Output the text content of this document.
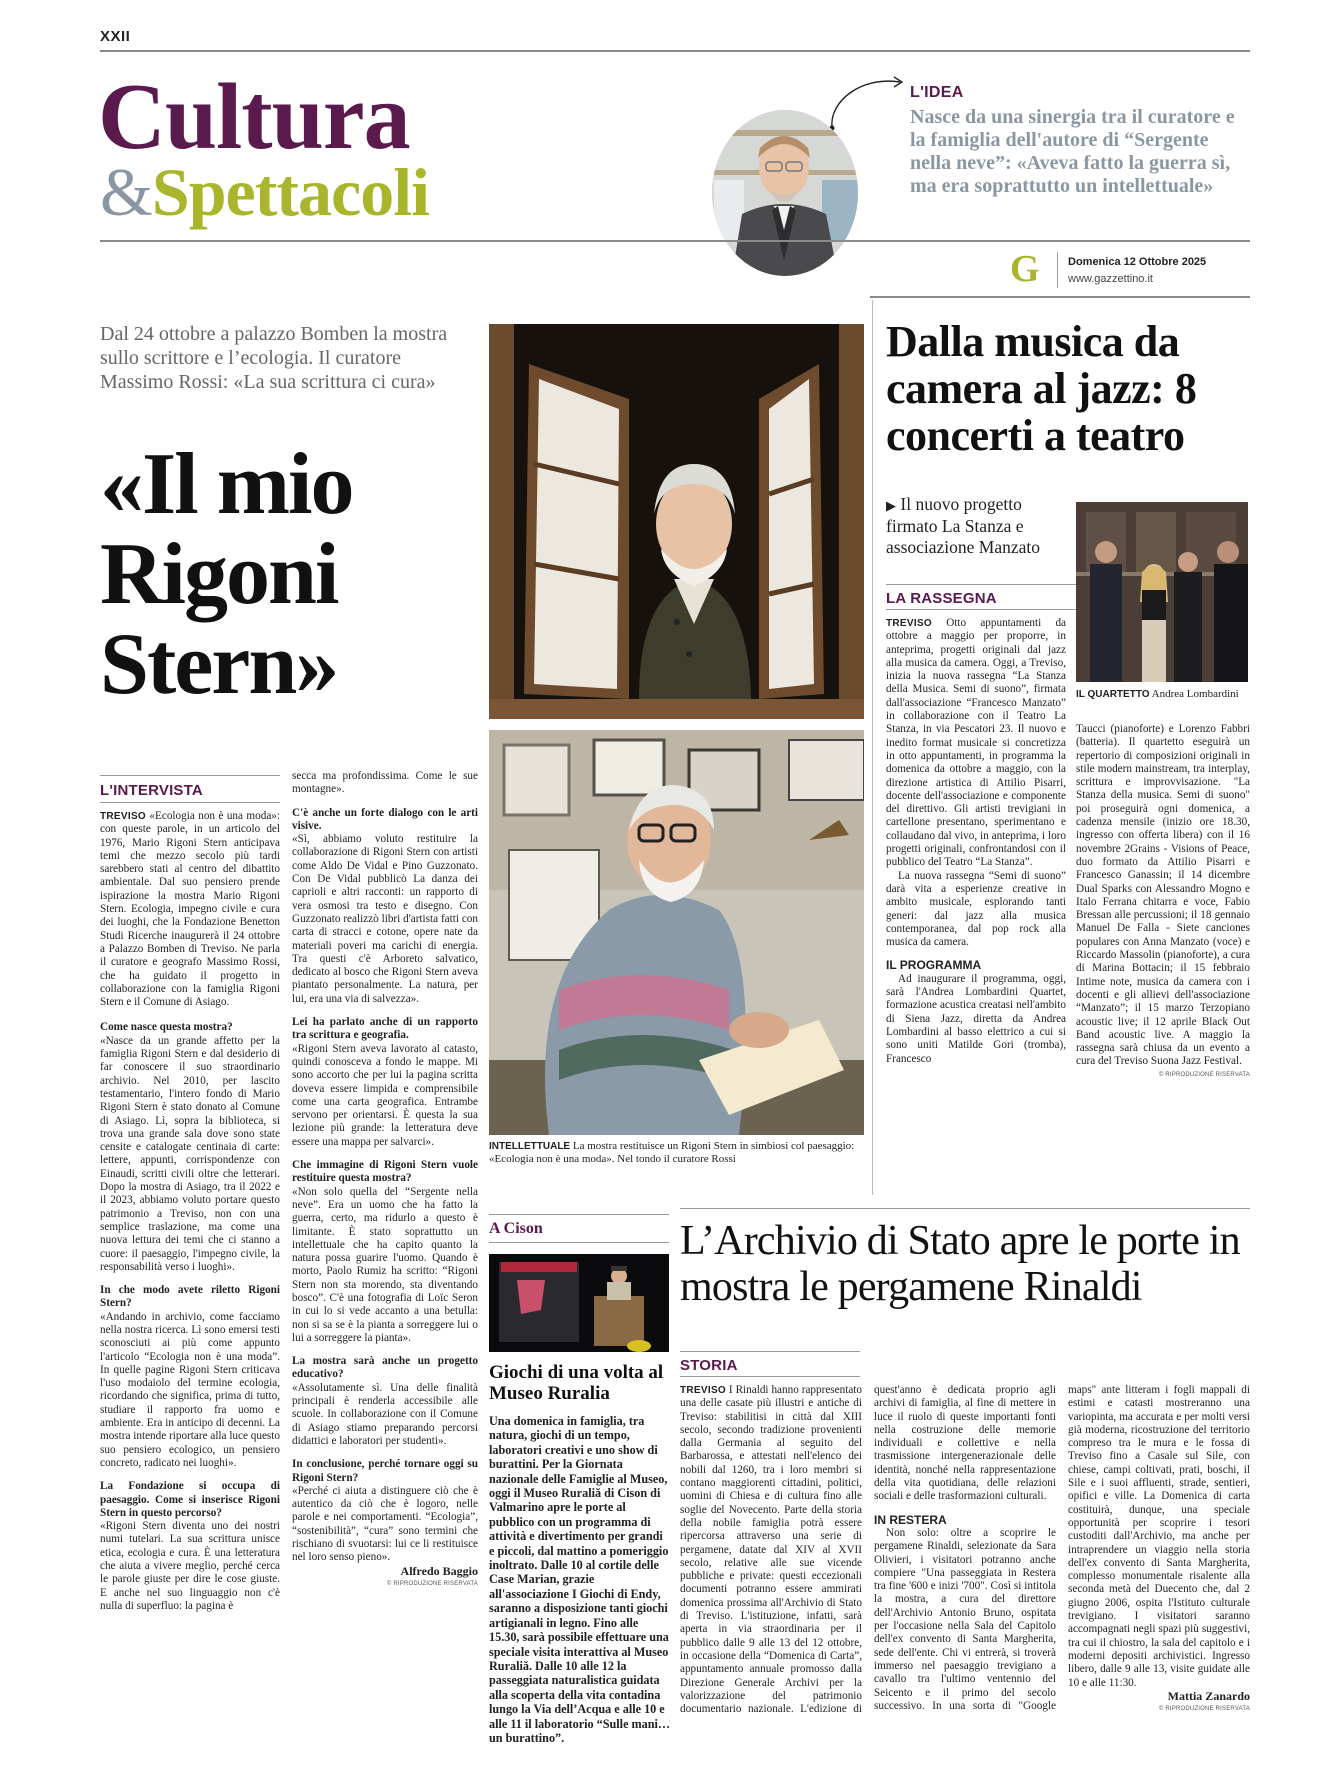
XXII
Cultura
&Spettacoli
L'IDEA
Nasce da una sinergia tra il curatore e la famiglia dell'autore di “Sergente nella neve”: «Aveva fatto la guerra sì, ma era soprattutto un intellettuale»
G	Domenica 12 Ottobre 2025
www.gazzettino.it
Dal 24 ottobre a palazzo Bomben la mostra sullo scrittore e l’ecologia. Il curatore Massimo Rossi: «La sua scrittura ci cura»
«Il mio Rigoni Stern»
L'INTERVISTA

TREVISO «Ecologia non è una moda»: con queste parole, in un articolo del 1976, Mario Rigoni Stern anticipava temi che mezzo secolo più tardi sarebbero stati al centro del dibattito ambientale. Dal suo pensiero prende ispirazione la mostra Mario Rigoni Stern. Ecologia, impegno civile e cura dei luoghi, che la Fondazione Benetton Studi Ricerche inaugurerà il 24 ottobre a Palazzo Bomben di Treviso. Ne parla il curatore e geografo Massimo Rossi, che ha guidato il progetto in collaborazione con la famiglia Rigoni Stern e il Comune di Asiago.

Come nasce questa mostra?

«Nasce da un grande affetto per la famiglia Rigoni Stern e dal desiderio di far conoscere il suo straordinario archivio. Nel 2010, per lascito testamentario, l'intero fondo di Mario Rigoni Stern è stato donato al Comune di Asiago. Lì, sopra la biblioteca, si trova una grande sala dove sono state censite e catalogate centinaia di carte: lettere, appunti, corrispondenze con Einaudi, scritti civili oltre che letterari. Dopo la mostra di Asiago, tra il 2022 e il 2023, abbiamo voluto portare questo patrimonio a Treviso, non con una semplice traslazione, ma come una nuova lettura dei temi che ci stanno a cuore: il paesaggio, l'impegno civile, la responsabilità verso i luoghi».

In che modo avete riletto Rigoni Stern?

«Andando in archivio, come facciamo nella nostra ricerca. Lì sono emersi testi sconosciuti ai più come appunto l'articolo “Ecologia non è una moda”. In quelle pagine Rigoni Stern criticava l'uso modaiolo del termine ecologia, ricordando che significa, prima di tutto, studiare il rapporto fra uomo e ambiente. Era in anticipo di decenni. La mostra intende riportare alla luce questo suo pensiero ecologico, un pensiero concreto, radicato nei luoghi».

La Fondazione si occupa di paesaggio. Come si inserisce Rigoni Stern in questo percorso?

«Rigoni Stern diventa uno dei nostri numi tutelari. La sua scrittura unisce etica, ecologia e cura. È una letteratura che aiuta a vivere meglio, perché cerca le parole giuste per dire le cose giuste. E anche nel suo linguaggio non c'è nulla di superfluo: la pagina è

secca ma profondissima. Come le sue montagne».

C'è anche un forte dialogo con le arti visive.

«Sì, abbiamo voluto restituire la collaborazione di Rigoni Stern con artisti come Aldo De Vidal e Pino Guzzonato. Con De Vidal pubblicò La danza dei caprioli e altri racconti: un rapporto di vera osmosi tra testo e disegno. Con Guzzonato realizzò libri d'artista fatti con carta di stracci e cotone, opere nate da materiali poveri ma carichi di energia. Tra questi c'è Arboreto salvatico, dedicato al bosco che Rigoni Stern aveva piantato personalmente. La natura, per lui, era una via di salvezza».

Lei ha parlato anche di un rapporto tra scrittura e geografia.

«Rigoni Stern aveva lavorato al catasto, quindi conosceva a fondo le mappe. Mi sono accorto che per lui la pagina scritta doveva essere limpida e comprensibile come una carta geografica. Entrambe servono per orientarsi. È questa la sua lezione più grande: la letteratura deve essere una mappa per salvarci».

Che immagine di Rigoni Stern vuole restituire questa mostra?

«Non solo quella del “Sergente nella neve”. Era un uomo che ha fatto la guerra, certo, ma ridurlo a questo è limitante. È stato soprattutto un intellettuale che ha capito quanto la natura possa guarire l'uomo. Quando è morto, Paolo Rumiz ha scritto: “Rigoni Stern non sta morendo, sta diventando bosco”. C'è una fotografia di Loïc Seron in cui lo si vede accanto a una betulla: non si sa se è la pianta a sorreggere lui o lui a sorreggere la pianta».

La mostra sarà anche un progetto educativo?

«Assolutamente sì. Una delle finalità principali è renderla accessibile alle scuole. In collaborazione con il Comune di Asiago stiamo preparando percorsi didattici e laboratori per studenti».

In conclusione, perché tornare oggi su Rigoni Stern?

«Perché ci aiuta a distinguere ciò che è autentico da ciò che è logoro, nelle parole e nei comportamenti. “Ecologia”, “sostenibilità”, “cura” sono termini che rischiano di svuotarsi: lui ce li restituisce nel loro senso pieno».

Alfredo Baggio

© RIPRODUZIONE RISERVATA

INTELLETTUALE La mostra restituisce un Rigoni Stern in simbiosi col paesaggio: «Ecologia non è una moda». Nel tondo il curatore Rossi
Dalla musica da camera al jazz: 8 concerti a teatro
▶ Il nuovo progetto firmato La Stanza e associazione Manzato
LA RASSEGNA
IL QUARTETTO Andrea Lombardini

TREVISO Otto appuntamenti da ottobre a maggio per proporre, in anteprima, progetti originali dal jazz alla musica da camera. Oggi, a Treviso, inizia la nuova rassegna “La Stanza della Musica. Semi di suono”, firmata dall'associazione “Francesco Manzato” in collaborazione con il Teatro La Stanza, in via Pescatori 23. Il nuovo e inedito format musicale si concretizza in otto appuntamenti, in programma la domenica da ottobre a maggio, con la direzione artistica di Attilio Pisarri, docente dell'associazione e componente del direttivo. Gli artisti trevigiani in cartellone presentano, sperimentano e collaudano dal vivo, in anteprima, i loro progetti originali, confrontandosi con il pubblico del Teatro “La Stanza”.

La nuova rassegna “Semi di suono” darà vita a esperienze creative in ambito musicale, esplorando tanti generi: dal jazz alla musica contemporanea, dal pop rock alla musica da camera.

IL PROGRAMMA

Ad inaugurare il programma, oggi, sarà l'Andrea Lombardini Quartet, formazione acustica creatasi nell'ambito di Siena Jazz, diretta da Andrea Lombardini al basso elettrico a cui si sono uniti Matilde Gori (tromba), Francesco

Taucci (pianoforte) e Lorenzo Fabbri (batteria). Il quartetto eseguirà un repertorio di composizioni originali in stile modern mainstream, tra interplay, scrittura e improvvisazione. "La Stanza della musica. Semi di suono" poi proseguirà ogni domenica, a cadenza mensile (inizio ore 18.30, ingresso con offerta libera) con il 16 novembre 2Grains - Visions of Peace, duo formato da Attilio Pisarri e Francesco Ganassin; il 14 dicembre Dual Sparks con Alessandro Mogno e Italo Ferrana chitarra e voce, Fabio Bressan alle percussioni; il 18 gennaio Manuel De Falla - Siete canciones populares con Anna Manzato (voce) e Riccardo Massolin (pianoforte), a cura di Marina Bottacin; il 15 febbraio Intime note, musica da camera con i docenti e gli allievi dell'associazione “Manzato”; il 15 marzo Terzopiano acoustic live; il 12 aprile Black Out Band acoustic live. A maggio la rassegna sarà chiusa da un evento a cura del Treviso Suona Jazz Festival.

© RIPRODUZIONE RISERVATA

A Cison
Giochi di una volta al Museo Ruralia
Una domenica in famiglia, tra natura, giochi di un tempo, laboratori creativi e uno show di burattini. Per la Giornata nazionale delle Famiglie al Museo, oggi il Museo Ruraliă di Cison di Valmarino apre le porte al pubblico con un programma di attività e divertimento per grandi e piccoli, dal mattino a pomeriggio inoltrato. Dalle 10 al cortile delle Case Marian, grazie all'associazione I Giochi di Endy, saranno a disposizione tanti giochi artigianali in legno. Fino alle 15.30, sarà possibile effettuare una speciale visita interattiva al Museo Ruraliă. Dalle 10 alle 12 la passeggiata naturalistica guidata alla scoperta della vita contadina lungo la Via dell’Acqua e alle 10 e alle 11 il laboratorio “Sulle mani… un burattino”.
L’Archivio di Stato apre le porte in mostra le pergamene Rinaldi
STORIA

TREVISO I Rinaldi hanno rappresentato una delle casate più illustri e antiche di Treviso: stabilitisi in città dal XIII secolo, secondo tradizione provenienti dalla Germania al seguito del Barbarossa, e attestati nell'elenco dei nobili dal 1260, tra i loro membri si contano maggiorenti cittadini, politici, uomini di Chiesa e di cultura fino alle soglie del Novecento. Parte della storia della nobile famiglia potrà essere ripercorsa attraverso una serie di pergamene, datate dal XIV al XVII secolo, relative alle sue vicende pubbliche e private: questi eccezionali documenti potranno essere ammirati domenica prossima all'Archivio di Stato di Treviso. L'istituzione, infatti, sarà aperta in via straordinaria per il pubblico dalle 9 alle 13 del 12 ottobre, in occasione della “Domenica di Carta”, appuntamento annuale promosso dalla Direzione Generale Archivi per la valorizzazione del patrimonio documentario nazionale. L'edizione di quest'anno è dedicata proprio agli archivi di famiglia, al fine di mettere in luce il ruolo di queste importanti fonti nella costruzione delle memorie individuali e collettive e nella trasmissione intergenerazionale delle identità, nonché nella rappresentazione della vita quotidiana, delle relazioni sociali e delle trasformazioni culturali.

IN RESTERA

Non solo: oltre a scoprire le pergamene Rinaldi, selezionate da Sara Olivieri, i visitatori potranno anche compiere "Una passeggiata in Restera tra fine '600 e inizi '700". Così si intitola la mostra, a cura del direttore dell'Archivio Antonio Bruno, ospitata per l'occasione nella Sala del Capitolo dell'ex convento di Santa Margherita, sede dell'ente. Chi vi entrerà, si troverà immerso nel paesaggio trevigiano a cavallo tra l'ultimo ventennio del Seicento e il primo del secolo successivo. In una sorta di "Google maps" ante litteram i fogli mappali di estimi e catasti mostreranno una variopinta, ma accurata e per molti versi già moderna, ricostruzione del territorio compreso tra le mura e le fossa di Treviso fino a Casale sul Sile, con chiese, campi coltivati, prati, boschi, il Sile e i suoi affluenti, strade, sentieri, opifici e ville. La Domenica di carta costituirà, dunque, una speciale opportunità per scoprire i tesori custoditi dall'Archivio, ma anche per intraprendere un viaggio nella storia dell'ex convento di Santa Margherita, complesso monumentale risalente alla seconda metà del Duecento che, dal 2 giugno 2006, ospita l'Istituto culturale trevigiano. I visitatori saranno accompagnati negli spazi più suggestivi, tra cui il chiostro, la sala del capitolo e i moderni depositi archivistici. Ingresso libero, dalle 9 alle 13, visite guidate alle 10 e alle 11:30.

Mattia Zanardo

© RIPRODUZIONE RISERVATA
